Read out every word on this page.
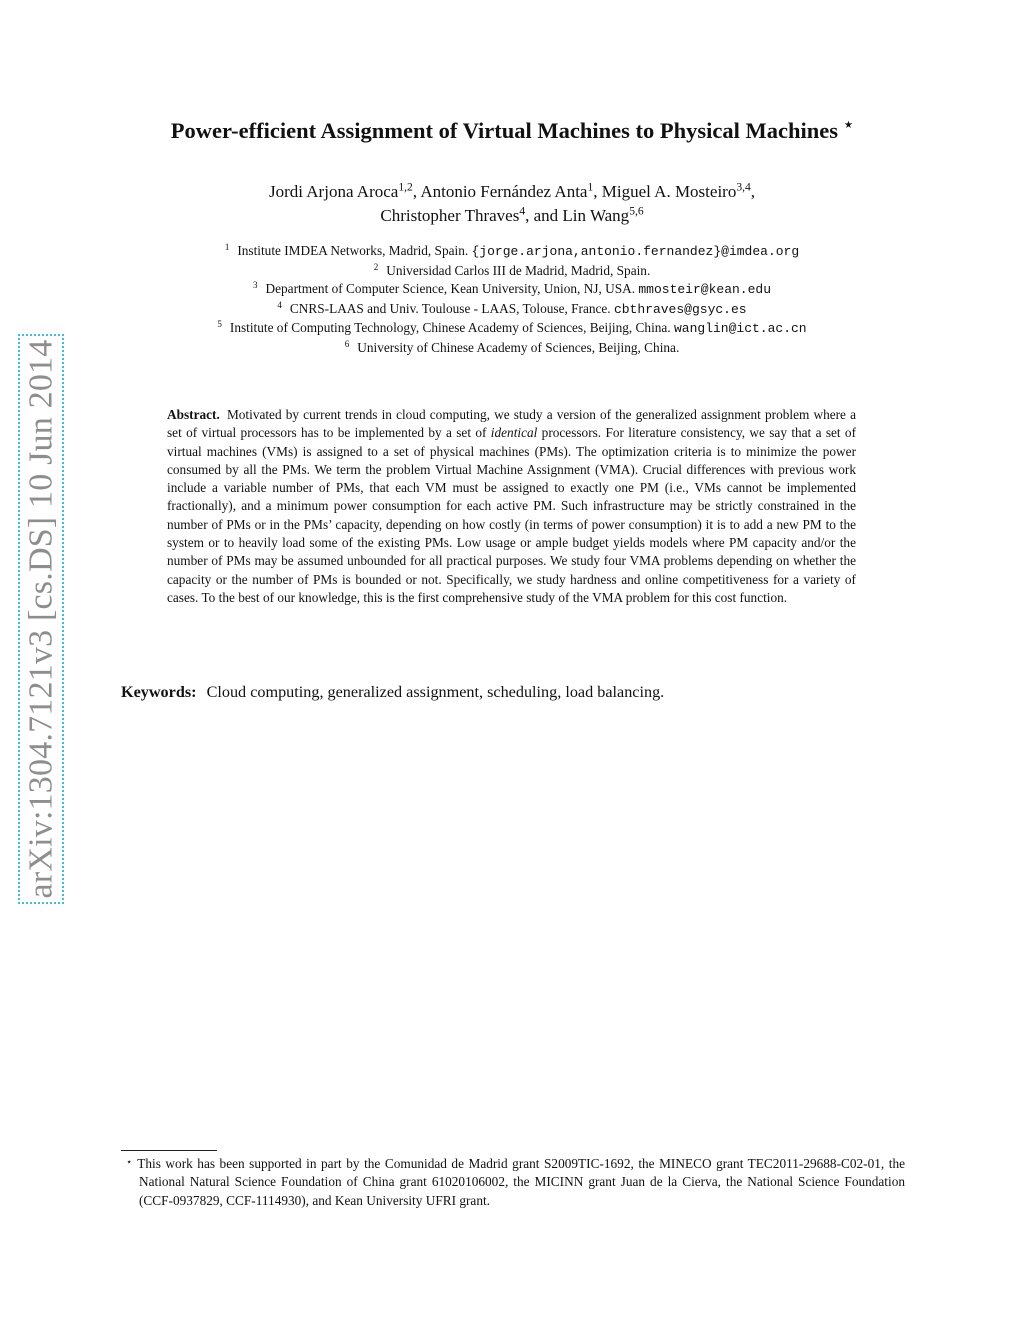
arXiv:1304.7121v3 [cs.DS] 10 Jun 2014
Power-efficient Assignment of Virtual Machines to Physical Machines ⋆
Jordi Arjona Aroca$^{1,2}$, Antonio Fernández Anta$^1$, Miguel A. Mosteiro$^{3,4}$,
Christopher Thraves$^4$, and Lin Wang$^{5,6}$
$^1$ Institute IMDEA Networks, Madrid, Spain. {jorge.arjona,antonio.fernandez}@imdea.org
$^2$ Universidad Carlos III de Madrid, Madrid, Spain.
$^3$ Department of Computer Science, Kean University, Union, NJ, USA. mmosteir@kean.edu
$^4$ CNRS-LAAS and Univ. Toulouse - LAAS, Tolouse, France. cbthraves@gsyc.es
$^5$ Institute of Computing Technology, Chinese Academy of Sciences, Beijing, China. wanglin@ict.ac.cn
$^6$ University of Chinese Academy of Sciences, Beijing, China.
Abstract. Motivated by current trends in cloud computing, we study a version of the generalized assignment problem where a set of virtual processors has to be implemented by a set of identical processors. For literature consistency, we say that a set of virtual machines (VMs) is assigned to a set of physical machines (PMs). The optimization criteria is to minimize the power consumed by all the PMs. We term the problem Virtual Machine Assignment (VMA). Crucial differences with previous work include a variable number of PMs, that each VM must be assigned to exactly one PM (i.e., VMs cannot be implemented fractionally), and a minimum power consumption for each active PM. Such infrastructure may be strictly constrained in the number of PMs or in the PMs’ capacity, depending on how costly (in terms of power consumption) it is to add a new PM to the system or to heavily load some of the existing PMs. Low usage or ample budget yields models where PM capacity and/or the number of PMs may be assumed unbounded for all practical purposes. We study four VMA problems depending on whether the capacity or the number of PMs is bounded or not. Specifically, we study hardness and online competitiveness for a variety of cases. To the best of our knowledge, this is the first comprehensive study of the VMA problem for this cost function.
Keywords: Cloud computing, generalized assignment, scheduling, load balancing.
⋆ This work has been supported in part by the Comunidad de Madrid grant S2009TIC-1692, the MINECO grant TEC2011-29688-C02-01, the National Natural Science Foundation of China grant 61020106002, the MICINN grant Juan de la Cierva, the National Science Foundation (CCF-0937829, CCF-1114930), and Kean University UFRI grant.
